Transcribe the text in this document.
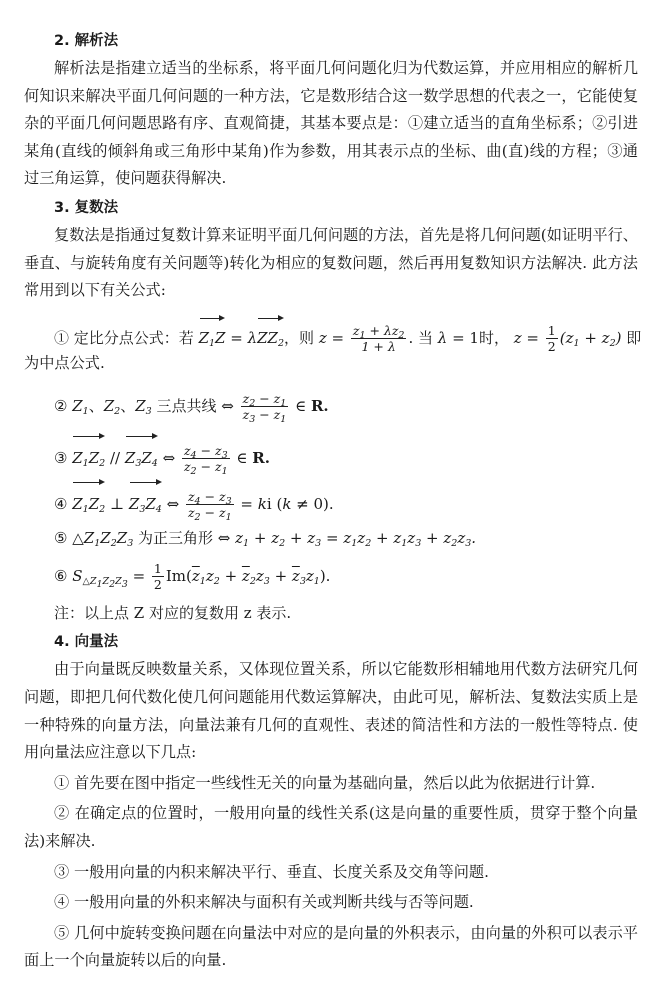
2. 解析法

解析法是指建立适当的坐标系，将平面几何问题化归为代数运算，并应用相应的解析几何知识来解决平面几何问题的一种方法，它是数形结合这一数学思想的代表之一，它能使复杂的平面几何问题思路有序、直观简捷，其基本要点是：①建立适当的直角坐标系；②引进某角(直线的倾斜角或三角形中某角)作为参数，用其表示点的坐标、曲(直)线的方程；③通过三角运算，使问题获得解决.

3. 复数法

复数法是指通过复数计算来证明平面几何问题的方法，首先是将几何问题(如证明平行、垂直、与旋转角度有关问题等)转化为相应的复数问题，然后再用复数知识方法解决. 此方法常用到以下有关公式:

① 定比分点公式：若 $Z_1Z = \lambda ZZ_2$，则 $z = \frac{z_1 + \lambda z_2}{1 + \lambda}$ . 当 λ = 1时， $z = \frac{1}{2} (z_1 + z_2)$ 即
为中点公式.
② $Z_1$、$Z_2$、$Z_3$ 三点共线 ⇔ $\frac{z_2 - z_1}{z_3 - z_1}$ ∈ R.
③ $Z_1Z_2 // Z_3Z_4$ ⇔ $\frac{z_4 - z_3}{z_2 - z_1}$ ∈ R.
④ $Z_1Z_2$ ⊥ $Z_3Z_4$ ⇔ $\frac{z_4 - z_3}{z_2 - z_1}$ = ki (k ≠ 0).
⑤ $\triangle Z_1Z_2Z_3$ 为正三角形 ⇔ $z_1 + z_2 + z_3 = z_1z_2 + z_1z_3 + z_2z_3$.
⑥ $S_{\triangle Z_1Z_2Z_3} = \frac{1}{2} Im(\overline{z}_1z_2 + \overline{z}_2z_3 + \overline{z}_3z_1)$.
注：以上点 Z 对应的复数用 z 表示.
4. 向量法

由于向量既反映数量关系，又体现位置关系，所以它能数形相辅地用代数方法研究几何问题，即把几何代数化使几何问题能用代数运算解决，由此可见，解析法、复数法实质上是一种特殊的向量方法，向量法兼有几何的直观性、表述的简洁性和方法的一般性等特点. 使用向量法应注意以下几点:

① 首先要在图中指定一些线性无关的向量为基础向量，然后以此为依据进行计算.

② 在确定点的位置时，一般用向量的线性关系(这是向量的重要性质，贯穿于整个向量法)来解决.

③ 一般用向量的内积来解决平行、垂直、长度关系及交角等问题.

④ 一般用向量的外积来解决与面积有关或判断共线与否等问题.

⑤ 几何中旋转变换问题在向量法中对应的是向量的外积表示，由向量的外积可以表示平面上一个向量旋转以后的向量.
